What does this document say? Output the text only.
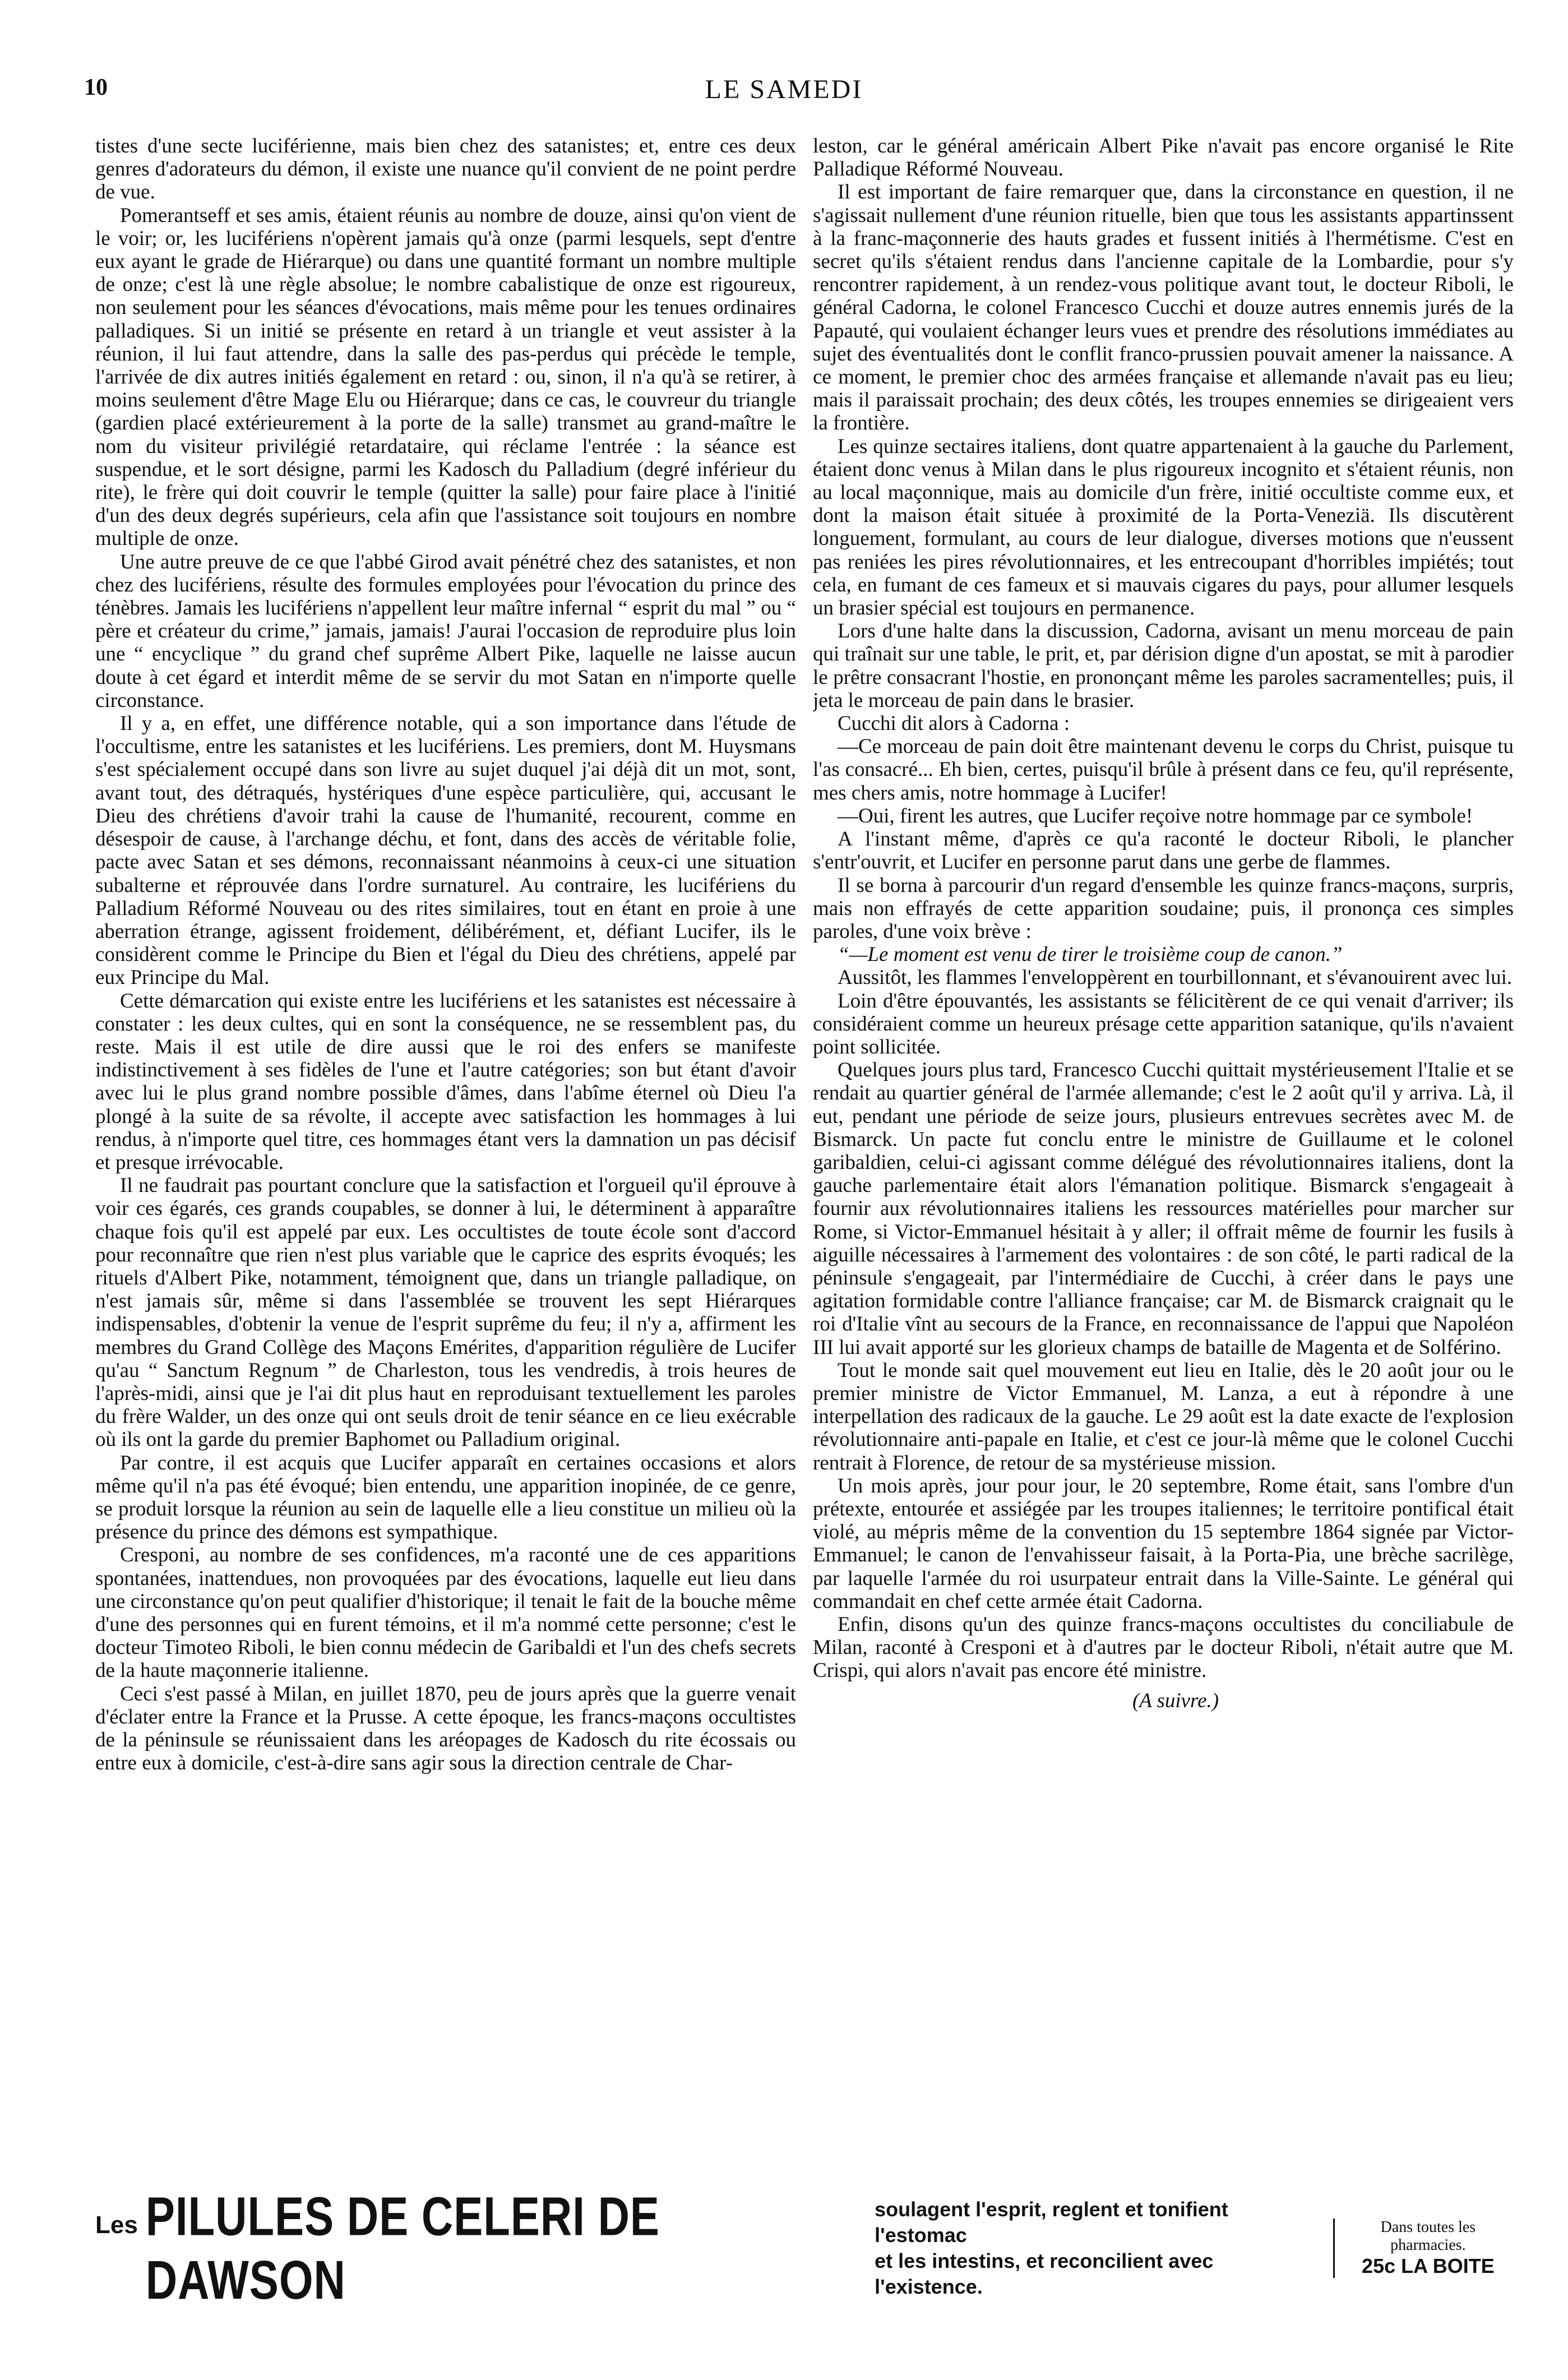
10	LE SAMEDI

tistes d'une secte luciférienne, mais bien chez des satanistes; et, entre ces deux genres d'adorateurs du démon, il existe une nuance qu'il convient de ne point perdre de vue.

Pomerantseff et ses amis, étaient réunis au nombre de douze, ainsi qu'on vient de le voir; or, les lucifériens n'opèrent jamais qu'à onze (parmi lesquels, sept d'entre eux ayant le grade de Hiérarque) ou dans une quantité formant un nombre multiple de onze; c'est là une règle absolue; le nombre cabalistique de onze est rigoureux, non seulement pour les séances d'évocations, mais même pour les tenues ordinaires palladiques. Si un initié se présente en retard à un triangle et veut assister à la réunion, il lui faut attendre, dans la salle des pas-perdus qui précède le temple, l'arrivée de dix autres initiés également en retard : ou, sinon, il n'a qu'à se retirer, à moins seulement d'être Mage Elu ou Hiérarque; dans ce cas, le couvreur du triangle (gardien placé extérieurement à la porte de la salle) transmet au grand-maître le nom du visiteur privilégié retardataire, qui réclame l'entrée : la séance est suspendue, et le sort désigne, parmi les Kadosch du Palladium (degré inférieur du rite), le frère qui doit couvrir le temple (quitter la salle) pour faire place à l'initié d'un des deux degrés supérieurs, cela afin que l'assistance soit toujours en nombre multiple de onze.

Une autre preuve de ce que l'abbé Girod avait pénétré chez des satanistes, et non chez des lucifériens, résulte des formules employées pour l'évocation du prince des ténèbres. Jamais les lucifériens n'appellent leur maître infernal “ esprit du mal ” ou “ père et créateur du crime,” jamais, jamais! J'aurai l'occasion de reproduire plus loin une “ encyclique ” du grand chef suprême Albert Pike, laquelle ne laisse aucun doute à cet égard et interdit même de se servir du mot Satan en n'importe quelle circonstance.

Il y a, en effet, une différence notable, qui a son importance dans l'étude de l'occultisme, entre les satanistes et les lucifériens. Les premiers, dont M. Huysmans s'est spécialement occupé dans son livre au sujet duquel j'ai déjà dit un mot, sont, avant tout, des détraqués, hystériques d'une espèce particulière, qui, accusant le Dieu des chrétiens d'avoir trahi la cause de l'humanité, recourent, comme en désespoir de cause, à l'archange déchu, et font, dans des accès de véritable folie, pacte avec Satan et ses démons, reconnaissant néanmoins à ceux-ci une situation subalterne et réprouvée dans l'ordre surnaturel. Au contraire, les lucifériens du Palladium Réformé Nouveau ou des rites similaires, tout en étant en proie à une aberration étrange, agissent froidement, délibérément, et, défiant Lucifer, ils le considèrent comme le Principe du Bien et l'égal du Dieu des chrétiens, appelé par eux Principe du Mal.

Cette démarcation qui existe entre les lucifériens et les satanistes est nécessaire à constater : les deux cultes, qui en sont la conséquence, ne se ressemblent pas, du reste. Mais il est utile de dire aussi que le roi des enfers se manifeste indistinctivement à ses fidèles de l'une et l'autre catégories; son but étant d'avoir avec lui le plus grand nombre possible d'âmes, dans l'abîme éternel où Dieu l'a plongé à la suite de sa révolte, il accepte avec satisfaction les hommages à lui rendus, à n'importe quel titre, ces hommages étant vers la damnation un pas décisif et presque irrévocable.

Il ne faudrait pas pourtant conclure que la satisfaction et l'orgueil qu'il éprouve à voir ces égarés, ces grands coupables, se donner à lui, le déterminent à apparaître chaque fois qu'il est appelé par eux. Les occultistes de toute école sont d'accord pour reconnaître que rien n'est plus variable que le caprice des esprits évoqués; les rituels d'Albert Pike, notamment, témoignent que, dans un triangle palladique, on n'est jamais sûr, même si dans l'assemblée se trouvent les sept Hiérarques indispensables, d'obtenir la venue de l'esprit suprême du feu; il n'y a, affirment les membres du Grand Collège des Maçons Emérites, d'apparition régulière de Lucifer qu'au “ Sanctum Regnum ” de Charleston, tous les vendredis, à trois heures de l'après-midi, ainsi que je l'ai dit plus haut en reproduisant textuellement les paroles du frère Walder, un des onze qui ont seuls droit de tenir séance en ce lieu exécrable où ils ont la garde du premier Baphomet ou Palladium original.

Par contre, il est acquis que Lucifer apparaît en certaines occasions et alors même qu'il n'a pas été évoqué; bien entendu, une apparition inopinée, de ce genre, se produit lorsque la réunion au sein de laquelle elle a lieu constitue un milieu où la présence du prince des démons est sympathique.

Cresponi, au nombre de ses confidences, m'a raconté une de ces apparitions spontanées, inattendues, non provoquées par des évocations, laquelle eut lieu dans une circonstance qu'on peut qualifier d'historique; il tenait le fait de la bouche même d'une des personnes qui en furent témoins, et il m'a nommé cette personne; c'est le docteur Timoteo Riboli, le bien connu médecin de Garibaldi et l'un des chefs secrets de la haute maçonnerie italienne.

Ceci s'est passé à Milan, en juillet 1870, peu de jours après que la guerre venait d'éclater entre la France et la Prusse. A cette époque, les francs-maçons occultistes de la péninsule se réunissaient dans les aréopages de Kadosch du rite écossais ou entre eux à domicile, c'est-à-dire sans agir sous la direction centrale de Char-

leston, car le général américain Albert Pike n'avait pas encore organisé le Rite Palladique Réformé Nouveau.

Il est important de faire remarquer que, dans la circonstance en question, il ne s'agissait nullement d'une réunion rituelle, bien que tous les assistants appartinssent à la franc-maçonnerie des hauts grades et fussent initiés à l'hermétisme. C'est en secret qu'ils s'étaient rendus dans l'ancienne capitale de la Lombardie, pour s'y rencontrer rapidement, à un rendez-vous politique avant tout, le docteur Riboli, le général Cadorna, le colonel Francesco Cucchi et douze autres ennemis jurés de la Papauté, qui voulaient échanger leurs vues et prendre des résolutions immédiates au sujet des éventualités dont le conflit franco-prussien pouvait amener la naissance. A ce moment, le premier choc des armées française et allemande n'avait pas eu lieu; mais il paraissait prochain; des deux côtés, les troupes ennemies se dirigeaient vers la frontière.

Les quinze sectaires italiens, dont quatre appartenaient à la gauche du Parlement, étaient donc venus à Milan dans le plus rigoureux incognito et s'étaient réunis, non au local maçonnique, mais au domicile d'un frère, initié occultiste comme eux, et dont la maison était située à proximité de la Porta-Veneziä. Ils discutèrent longuement, formulant, au cours de leur dialogue, diverses motions que n'eussent pas reniées les pires révolutionnaires, et les entrecoupant d'horribles impiétés; tout cela, en fumant de ces fameux et si mauvais cigares du pays, pour allumer lesquels un brasier spécial est toujours en permanence.

Lors d'une halte dans la discussion, Cadorna, avisant un menu morceau de pain qui traînait sur une table, le prit, et, par dérision digne d'un apostat, se mit à parodier le prêtre consacrant l'hostie, en prononçant même les paroles sacramentelles; puis, il jeta le morceau de pain dans le brasier.

Cucchi dit alors à Cadorna :

—Ce morceau de pain doit être maintenant devenu le corps du Christ, puisque tu l'as consacré... Eh bien, certes, puisqu'il brûle à présent dans ce feu, qu'il représente, mes chers amis, notre hommage à Lucifer!

—Oui, firent les autres, que Lucifer reçoive notre hommage par ce symbole!

A l'instant même, d'après ce qu'a raconté le docteur Riboli, le plancher s'entr'ouvrit, et Lucifer en personne parut dans une gerbe de flammes.

Il se borna à parcourir d'un regard d'ensemble les quinze francs-maçons, surpris, mais non effrayés de cette apparition soudaine; puis, il prononça ces simples paroles, d'une voix brève :

“—Le moment est venu de tirer le troisième coup de canon.”

Aussitôt, les flammes l'enveloppèrent en tourbillonnant, et s'évanouirent avec lui.

Loin d'être épouvantés, les assistants se félicitèrent de ce qui venait d'arriver; ils considéraient comme un heureux présage cette apparition satanique, qu'ils n'avaient point sollicitée.

Quelques jours plus tard, Francesco Cucchi quittait mystérieusement l'Italie et se rendait au quartier général de l'armée allemande; c'est le 2 août qu'il y arriva. Là, il eut, pendant une période de seize jours, plusieurs entrevues secrètes avec M. de Bismarck. Un pacte fut conclu entre le ministre de Guillaume et le colonel garibaldien, celui-ci agissant comme délégué des révolutionnaires italiens, dont la gauche parlementaire était alors l'émanation politique. Bismarck s'engageait à fournir aux révolutionnaires italiens les ressources matérielles pour marcher sur Rome, si Victor-Emmanuel hésitait à y aller; il offrait même de fournir les fusils à aiguille nécessaires à l'armement des volontaires : de son côté, le parti radical de la péninsule s'engageait, par l'intermédiaire de Cucchi, à créer dans le pays une agitation formidable contre l'alliance française; car M. de Bismarck craignait qu le roi d'Italie vînt au secours de la France, en reconnaissance de l'appui que Napoléon III lui avait apporté sur les glorieux champs de bataille de Magenta et de Solférino.

Tout le monde sait quel mouvement eut lieu en Italie, dès le 20 août jour ou le premier ministre de Victor Emmanuel, M. Lanza, a eut à répondre à une interpellation des radicaux de la gauche. Le 29 août est la date exacte de l'explosion révolutionnaire anti-papale en Italie, et c'est ce jour-là même que le colonel Cucchi rentrait à Florence, de retour de sa mystérieuse mission.

Un mois après, jour pour jour, le 20 septembre, Rome était, sans l'ombre d'un prétexte, entourée et assiégée par les troupes italiennes; le territoire pontifical était violé, au mépris même de la convention du 15 septembre 1864 signée par Victor-Emmanuel; le canon de l'envahisseur faisait, à la Porta-Pia, une brèche sacrilège, par laquelle l'armée du roi usurpateur entrait dans la Ville-Sainte. Le général qui commandait en chef cette armée était Cadorna.

Enfin, disons qu'un des quinze francs-maçons occultistes du conciliabule de Milan, raconté à Cresponi et à d'autres par le docteur Riboli, n'était autre que M. Crispi, qui alors n'avait pas encore été ministre.

(A suivre.)

Les PILULES DE CELERI DE DAWSON
soulagent l'esprit, reglent et tonifient l'estomac
et les intestins, et reconcilient avec l'existence.
Dans toutes les pharmacies.
25c LA BOITE
